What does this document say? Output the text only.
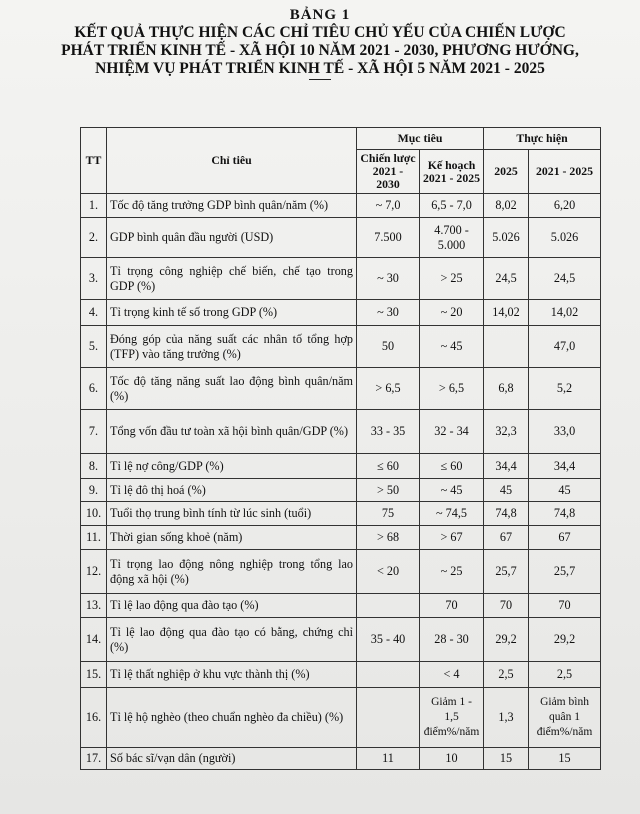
BẢNG 1
KẾT QUẢ THỰC HIỆN CÁC CHỈ TIÊU CHỦ YẾU CỦA CHIẾN LƯỢC
PHÁT TRIỂN KINH TẾ - XÃ HỘI 10 NĂM 2021 - 2030, PHƯƠNG HƯỚNG,
NHIỆM VỤ PHÁT TRIỂN KINH TẾ - XÃ HỘI 5 NĂM 2021 - 2025
TT	Chỉ tiêu	Mục tiêu		Thực hiện	
		Chiến lược 2021 - 2030	Kế hoạch 2021 - 2025	2025	2021 - 2025
1.	Tốc độ tăng trưởng GDP bình quân/năm (%)	~ 7,0	6,5 - 7,0	8,02	6,20
2.	GDP bình quân đầu người (USD)	7.500	4.700 - 5.000	5.026	5.026
3.	Tỉ trọng công nghiệp chế biến, chế tạo trong GDP (%)	~ 30	> 25	24,5	24,5
4.	Tỉ trọng kinh tế số trong GDP (%)	~ 30	~ 20	14,02	14,02
5.	Đóng góp của năng suất các nhân tố tổng hợp (TFP) vào tăng trưởng (%)	50	~ 45		47,0
6.	Tốc độ tăng năng suất lao động bình quân/năm (%)	> 6,5	> 6,5	6,8	5,2
7.	Tổng vốn đầu tư toàn xã hội bình quân/GDP (%)	33 - 35	32 - 34	32,3	33,0
8.	Tỉ lệ nợ công/GDP (%)	≤ 60	≤ 60	34,4	34,4
9.	Tỉ lệ đô thị hoá (%)	> 50	~ 45	45	45
10.	Tuổi thọ trung bình tính từ lúc sinh (tuổi)	75	~ 74,5	74,8	74,8
11.	Thời gian sống khoẻ (năm)	> 68	> 67	67	67
12.	Tỉ trọng lao động nông nghiệp trong tổng lao động xã hội (%)	< 20	~ 25	25,7	25,7
13.	Tỉ lệ lao động qua đào tạo (%)		70	70	70
14.	Tỉ lệ lao động qua đào tạo có bằng, chứng chỉ (%)	35 - 40	28 - 30	29,2	29,2
15.	Tỉ lệ thất nghiệp ở khu vực thành thị (%)		< 4	2,5	2,5
16.	Tỉ lệ hộ nghèo (theo chuẩn nghèo đa chiều) (%)		Giảm 1 - 1,5 điểm%/năm	1,3	Giảm bình quân 1 điểm%/năm
17.	Số bác sĩ/vạn dân (người)	11	10	15	15
